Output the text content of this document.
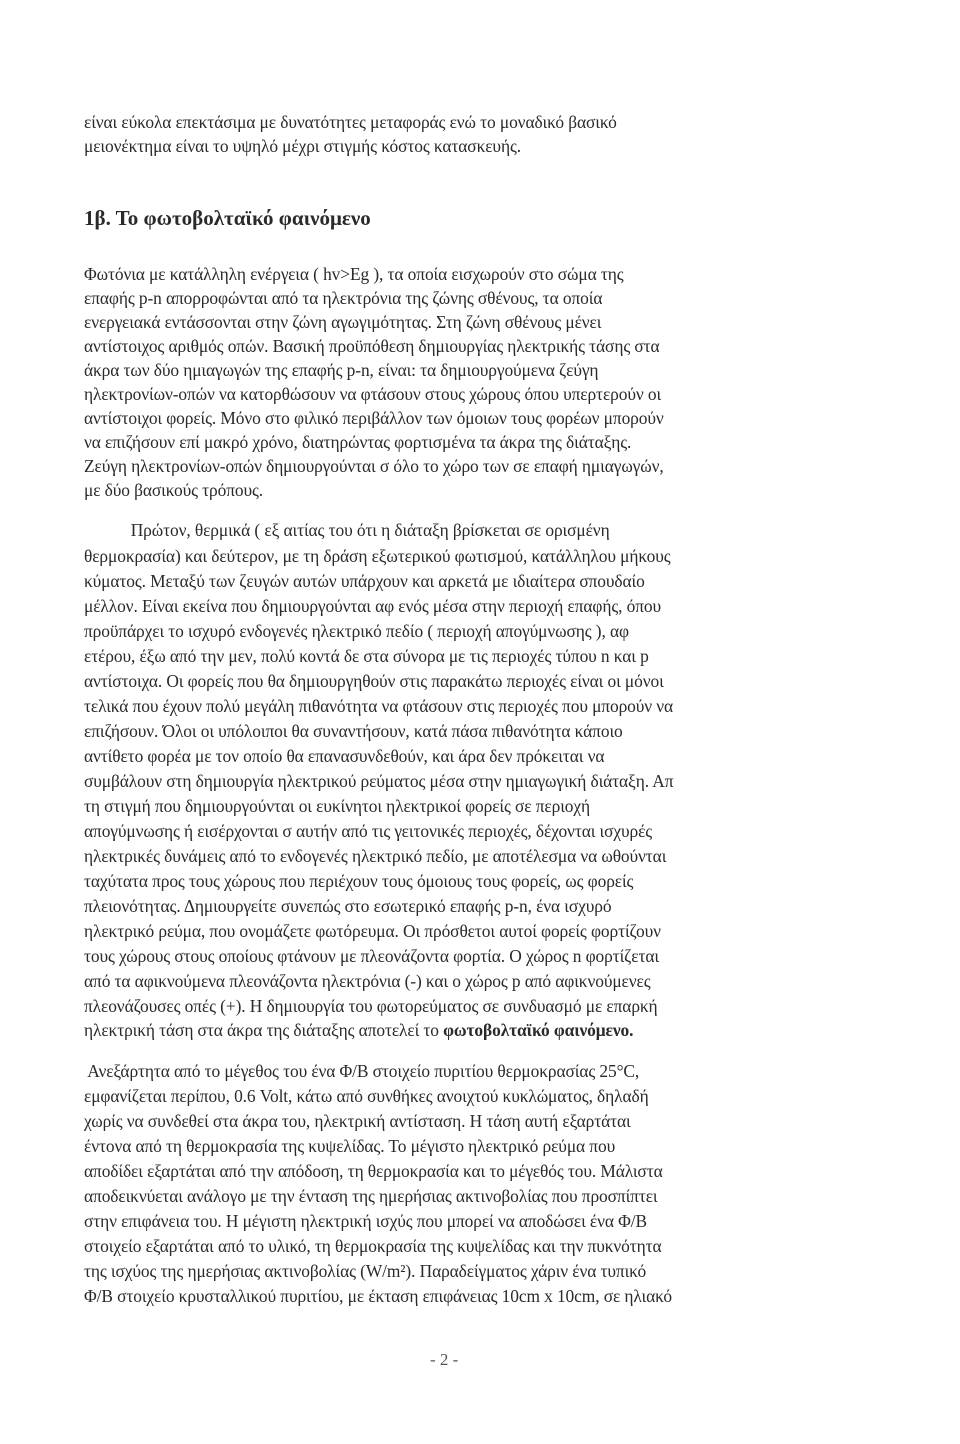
είναι εύκολα επεκτάσιμα με δυνατότητες μεταφοράς ενώ το μοναδικό βασικό
μειονέκτημα είναι το υψηλό μέχρι στιγμής κόστος κατασκευής.
1β. Το φωτοβολταϊκό φαινόμενο
Φωτόνια με κατάλληλη ενέργεια ( hv>Eg ), τα οποία εισχωρούν στο σώμα της
επαφής p-n απορροφώνται από τα ηλεκτρόνια της ζώνης σθένους, τα οποία
ενεργειακά εντάσσονται στην ζώνη αγωγιμότητας. Στη ζώνη σθένους μένει
αντίστοιχος αριθμός οπών. Βασική προϋπόθεση δημιουργίας ηλεκτρικής τάσης στα
άκρα των δύο ημιαγωγών της επαφής p-n, είναι: τα δημιουργούμενα ζεύγη
ηλεκτρονίων-οπών να κατορθώσουν να φτάσουν στους χώρους όπου υπερτερούν οι
αντίστοιχοι φορείς. Μόνο στο φιλικό περιβάλλον των όμοιων τους φορέων μπορούν
να επιζήσουν επί μακρό χρόνο, διατηρώντας φορτισμένα τα άκρα της διάταξης.
Ζεύγη ηλεκτρονίων-οπών δημιουργούνται σ όλο το χώρο των σε επαφή ημιαγωγών,
με δύο βασικούς τρόπους.
Πρώτον, θερμικά ( εξ αιτίας του ότι η διάταξη βρίσκεται σε ορισμένη
θερμοκρασία) και δεύτερον, με τη δράση εξωτερικού φωτισμού, κατάλληλου μήκους
κύματος. Μεταξύ των ζευγών αυτών υπάρχουν και αρκετά με ιδιαίτερα σπουδαίο
μέλλον. Είναι εκείνα που δημιουργούνται αφ ενός μέσα στην περιοχή επαφής, όπου
προϋπάρχει το ισχυρό ενδογενές ηλεκτρικό πεδίο ( περιοχή απογύμνωσης ), αφ
ετέρου, έξω από την μεν, πολύ κοντά δε στα σύνορα με τις περιοχές τύπου n και p
αντίστοιχα. Οι φορείς που θα δημιουργηθούν στις παρακάτω περιοχές είναι οι μόνοι
τελικά που έχουν πολύ μεγάλη πιθανότητα να φτάσουν στις περιοχές που μπορούν να
επιζήσουν. Όλοι οι υπόλοιποι θα συναντήσουν, κατά πάσα πιθανότητα κάποιο
αντίθετο φορέα με τον οποίο θα επανασυνδεθούν, και άρα δεν πρόκειται να
συμβάλουν στη δημιουργία ηλεκτρικού ρεύματος μέσα στην ημιαγωγική διάταξη. Απ
τη στιγμή που δημιουργούνται οι ευκίνητοι ηλεκτρικοί φορείς σε περιοχή
απογύμνωσης ή εισέρχονται σ αυτήν από τις γειτονικές περιοχές, δέχονται ισχυρές
ηλεκτρικές δυνάμεις από το ενδογενές ηλεκτρικό πεδίο, με αποτέλεσμα να ωθούνται
ταχύτατα προς τους χώρους που περιέχουν τους όμοιους τους φορείς, ως φορείς
πλειονότητας. Δημιουργείτε συνεπώς στο εσωτερικό επαφής p-n, ένα ισχυρό
ηλεκτρικό ρεύμα, που ονομάζετε φωτόρευμα. Οι πρόσθετοι αυτοί φορείς φορτίζουν
τους χώρους στους οποίους φτάνουν με πλεονάζοντα φορτία. Ο χώρος n φορτίζεται
από τα αφικνούμενα πλεονάζοντα ηλεκτρόνια (-) και ο χώρος p από αφικνούμενες
πλεονάζουσες οπές (+). Η δημιουργία του φωτορεύματος σε συνδυασμό με επαρκή
ηλεκτρική τάση στα άκρα της διάταξης αποτελεί το φωτοβολταϊκό φαινόμενο.
Ανεξάρτητα από το μέγεθος του ένα Φ/Β στοιχείο πυριτίου θερμοκρασίας 25°C,
εμφανίζεται περίπου, 0.6 Volt, κάτω από συνθήκες ανοιχτού κυκλώματος, δηλαδή
χωρίς να συνδεθεί στα άκρα του, ηλεκτρική αντίσταση. Η τάση αυτή εξαρτάται
έντονα από τη θερμοκρασία της κυψελίδας. Το μέγιστο ηλεκτρικό ρεύμα που
αποδίδει εξαρτάται από την απόδοση, τη θερμοκρασία και το μέγεθός του. Μάλιστα
αποδεικνύεται ανάλογο με την ένταση της ημερήσιας ακτινοβολίας που προσπίπτει
στην επιφάνεια του. Η μέγιστη ηλεκτρική ισχύς που μπορεί να αποδώσει ένα Φ/Β
στοιχείο εξαρτάται από το υλικό, τη θερμοκρασία της κυψελίδας και την πυκνότητα
της ισχύος της ημερήσιας ακτινοβολίας (W/m²). Παραδείγματος χάριν ένα τυπικό
Φ/Β στοιχείο κρυσταλλικού πυριτίου, με έκταση επιφάνειας 10cm x 10cm, σε ηλιακό
- 2 -
